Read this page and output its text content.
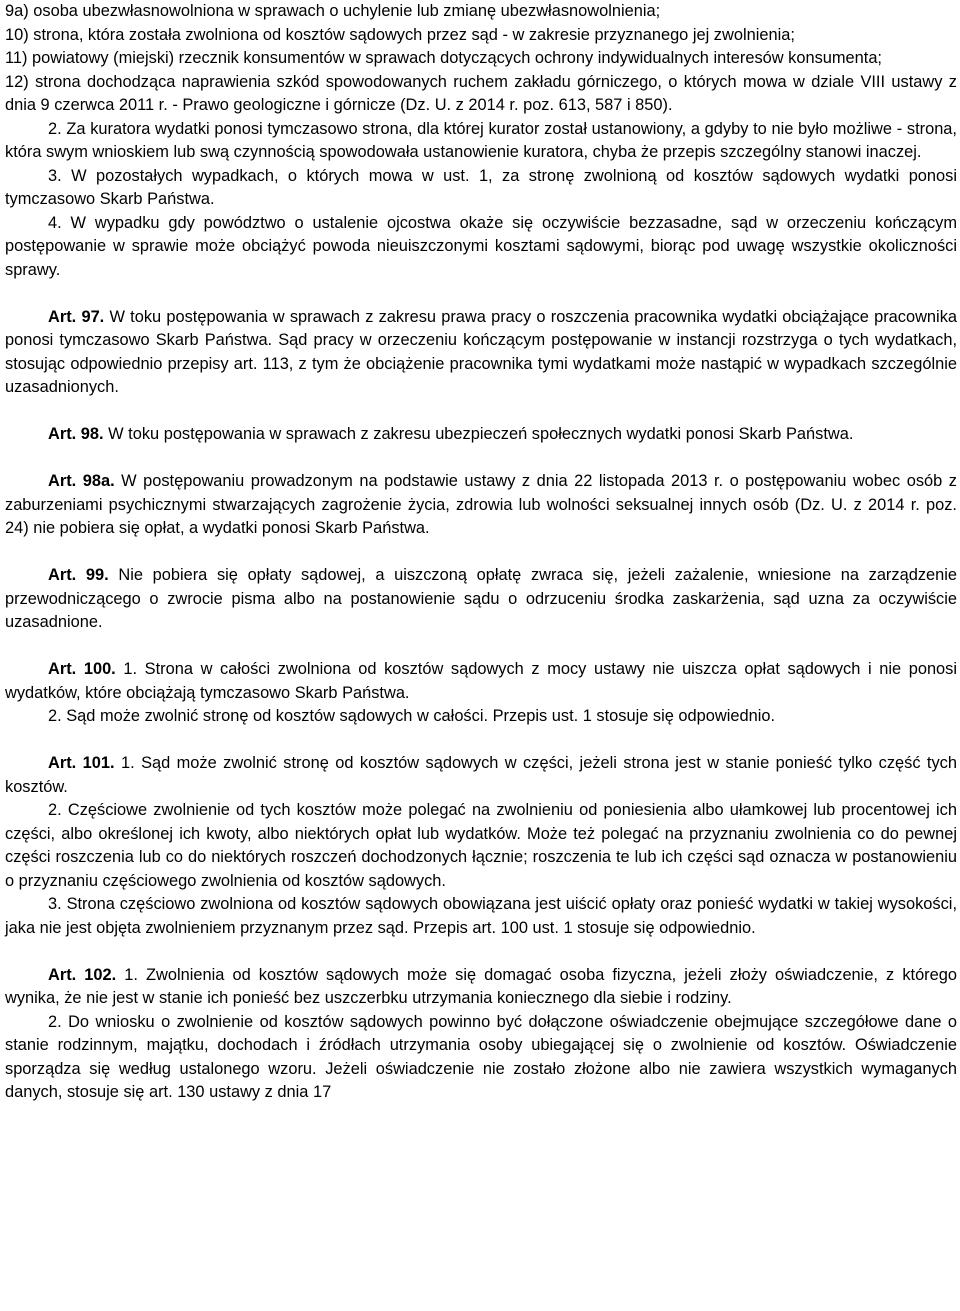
9a) osoba ubezwłasnowolniona w sprawach o uchylenie lub zmianę ubezwłasnowolnienia;

10) strona, która została zwolniona od kosztów sądowych przez sąd - w zakresie przyznanego jej zwolnienia;

11) powiatowy (miejski) rzecznik konsumentów w sprawach dotyczących ochrony indywidualnych interesów konsumenta;

12) strona dochodząca naprawienia szkód spowodowanych ruchem zakładu górniczego, o których mowa w dziale VIII ustawy z dnia 9 czerwca 2011 r. - Prawo geologiczne i górnicze (Dz. U. z 2014 r. poz. 613, 587 i 850).

2. Za kuratora wydatki ponosi tymczasowo strona, dla której kurator został ustanowiony, a gdyby to nie było możliwe - strona, która swym wnioskiem lub swą czynnością spowodowała ustanowienie kuratora, chyba że przepis szczególny stanowi inaczej.

3. W pozostałych wypadkach, o których mowa w ust. 1, za stronę zwolnioną od kosztów sądowych wydatki ponosi tymczasowo Skarb Państwa.

4. W wypadku gdy powództwo o ustalenie ojcostwa okaże się oczywiście bezzasadne, sąd w orzeczeniu kończącym postępowanie w sprawie może obciążyć powoda nieuiszczonymi kosztami sądowymi, biorąc pod uwagę wszystkie okoliczności sprawy.

Art. 97. W toku postępowania w sprawach z zakresu prawa pracy o roszczenia pracownika wydatki obciążające pracownika ponosi tymczasowo Skarb Państwa. Sąd pracy w orzeczeniu kończącym postępowanie w instancji rozstrzyga o tych wydatkach, stosując odpowiednio przepisy art. 113, z tym że obciążenie pracownika tymi wydatkami może nastąpić w wypadkach szczególnie uzasadnionych.

Art. 98. W toku postępowania w sprawach z zakresu ubezpieczeń społecznych wydatki ponosi Skarb Państwa.

Art. 98a. W postępowaniu prowadzonym na podstawie ustawy z dnia 22 listopada 2013 r. o postępowaniu wobec osób z zaburzeniami psychicznymi stwarzających zagrożenie życia, zdrowia lub wolności seksualnej innych osób (Dz. U. z 2014 r. poz. 24) nie pobiera się opłat, a wydatki ponosi Skarb Państwa.

Art. 99. Nie pobiera się opłaty sądowej, a uiszczoną opłatę zwraca się, jeżeli zażalenie, wniesione na zarządzenie przewodniczącego o zwrocie pisma albo na postanowienie sądu o odrzuceniu środka zaskarżenia, sąd uzna za oczywiście uzasadnione.

Art. 100. 1. Strona w całości zwolniona od kosztów sądowych z mocy ustawy nie uiszcza opłat sądowych i nie ponosi wydatków, które obciążają tymczasowo Skarb Państwa.

2. Sąd może zwolnić stronę od kosztów sądowych w całości. Przepis ust. 1 stosuje się odpowiednio.

Art. 101. 1. Sąd może zwolnić stronę od kosztów sądowych w części, jeżeli strona jest w stanie ponieść tylko część tych kosztów.

2. Częściowe zwolnienie od tych kosztów może polegać na zwolnieniu od poniesienia albo ułamkowej lub procentowej ich części, albo określonej ich kwoty, albo niektórych opłat lub wydatków. Może też polegać na przyznaniu zwolnienia co do pewnej części roszczenia lub co do niektórych roszczeń dochodzonych łącznie; roszczenia te lub ich części sąd oznacza w postanowieniu o przyznaniu częściowego zwolnienia od kosztów sądowych.

3. Strona częściowo zwolniona od kosztów sądowych obowiązana jest uiścić opłaty oraz ponieść wydatki w takiej wysokości, jaka nie jest objęta zwolnieniem przyznanym przez sąd. Przepis art. 100 ust. 1 stosuje się odpowiednio.

Art. 102. 1. Zwolnienia od kosztów sądowych może się domagać osoba fizyczna, jeżeli złoży oświadczenie, z którego wynika, że nie jest w stanie ich ponieść bez uszczerbku utrzymania koniecznego dla siebie i rodziny.

2. Do wniosku o zwolnienie od kosztów sądowych powinno być dołączone oświadczenie obejmujące szczegółowe dane o stanie rodzinnym, majątku, dochodach i źródłach utrzymania osoby ubiegającej się o zwolnienie od kosztów. Oświadczenie sporządza się według ustalonego wzoru. Jeżeli oświadczenie nie zostało złożone albo nie zawiera wszystkich wymaganych danych, stosuje się art. 130 ustawy z dnia 17
